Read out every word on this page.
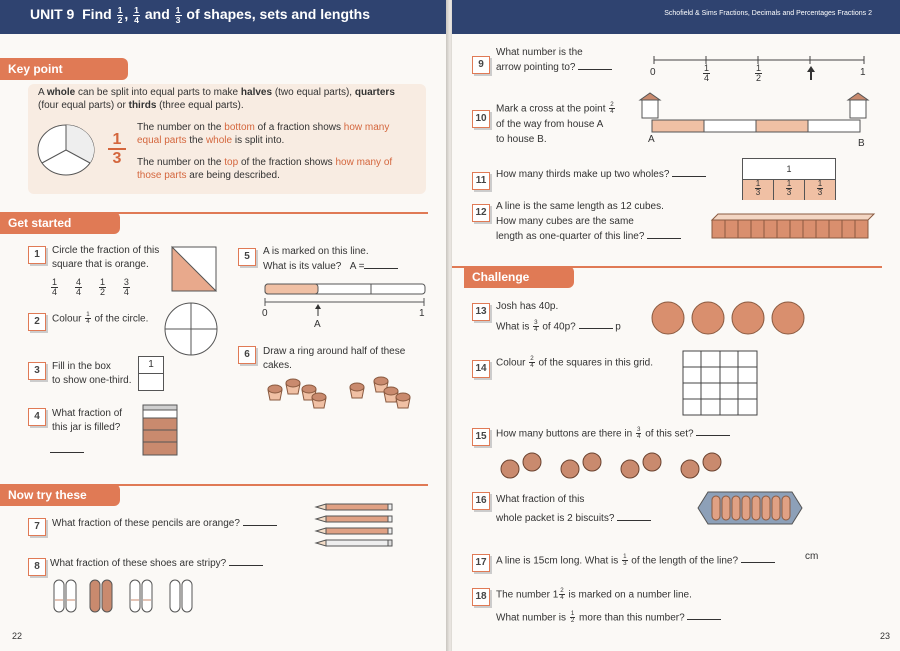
UNIT 9 Find $\frac{1}{2}$ , $\frac{1}{4}$ and $\frac{1}{3}$ of shapes, sets and lengths
Key point
A whole can be split into equal parts to make halves (two equal parts), quarters
(four equal parts) or thirds (three equal parts).
1
3
The number on the bottom of a fraction shows how many
equal parts the whole is split into.
The number on the top of the fraction shows how many of
those parts are being described.
Get started
1	Circle the fraction of this
square that is orange.
$\frac{1}{4}$
$\frac{4}{4}$
$\frac{1}{2}$
$\frac{3}{4}$
2	Colour $\frac{1}{4}$ of the circle.
3	Fill in the box
to show one-third.
1
4	What fraction of
this jar is filled?
5	A is marked on this line.
What is its value? A =
0	1
A
6	Draw a ring around half of these
cakes.
Now try these
7	What fraction of these pencils are orange?
8	What fraction of these shoes are stripy?
22
Schofield & Sims Fractions, Decimals and Percentages Fractions 2
9
What number is the
arrow pointing to?	0	$\frac{1}{4}$	$\frac{1}{2}$	1
10
Mark a cross at the point $\frac{2}{4}$
of the way from house A
to house B.	A	B
11
How many thirds make up two wholes?	1
$\frac{1}{3}$	$\frac{1}{3}$	$\frac{1}{3}$
12
A line is the same length as 12 cubes.
How many cubes are the same
length as one-quarter of this line?
Challenge
13 Josh has 40p.
What is $\frac{3}{4}$ of 40p?	p
14
Colour $\frac{2}{4}$ of the squares in this grid.
15 How many buttons are there in $\frac{3}{4}$ of this set?
16 What fraction of this
whole packet is 2 biscuits?
17 A line is 15cm long. What is $\frac{1}{3}$ of the length of the line?	cm
18 The number $1 \frac{2}{4}$ is marked on a number line.
What number is $\frac{1}{2}$ more than this number?
23
